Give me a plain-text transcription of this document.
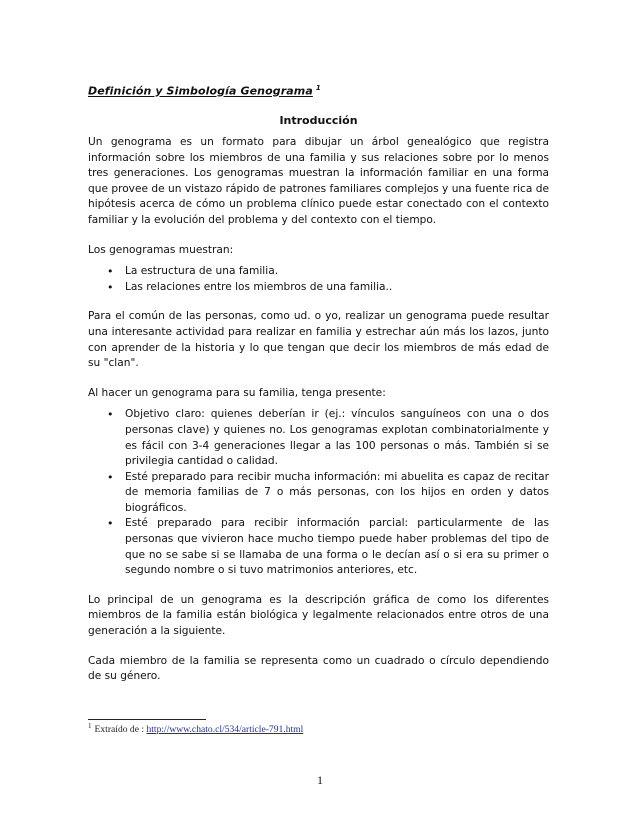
Definición y Simbología Genograma $^1$
Introducción

Un genograma es un formato para dibujar un árbol genealógico que registra información sobre los miembros de una familia y sus relaciones sobre por lo menos tres generaciones. Los genogramas muestran la información familiar en una forma que provee de un vistazo rápido de patrones familiares complejos y una fuente rica de hipótesis acerca de cómo un problema clínico puede estar conectado con el contexto familiar y la evolución del problema y del contexto con el tiempo.

Los genogramas muestran:

• La estructura de una familia.
• Las relaciones entre los miembros de una familia..

Para el común de las personas, como ud. o yo, realizar un genograma puede resultar una interesante actividad para realizar en familia y estrechar aún más los lazos, junto con aprender de la historia y lo que tengan que decir los miembros de más edad de su "clan".

Al hacer un genograma para su familia, tenga presente:

• Objetivo claro: quienes deberían ir (ej.: vínculos sanguíneos con una o dos personas clave) y quienes no. Los genogramas explotan combinatorialmente y es fácil con 3-4 generaciones llegar a las 100 personas o más. También si se privilegia cantidad o calidad.
• Esté preparado para recibir mucha información: mi abuelita es capaz de recitar de memoria familias de 7 o más personas, con los hijos en orden y datos biográficos.
• Esté preparado para recibir información parcial: particularmente de las personas que vivieron hace mucho tiempo puede haber problemas del tipo de que no se sabe si se llamaba de una forma o le decían así o si era su primer o segundo nombre o si tuvo matrimonios anteriores, etc.

Lo principal de un genograma es la descripción gráfica de como los diferentes miembros de la familia están biológica y legalmente relacionados entre otros de una generación a la siguiente.

Cada miembro de la familia se representa como un cuadrado o círculo dependiendo de su género.

$^1$ Extraído de : http://www.chato.cl/534/article-791.html
1
